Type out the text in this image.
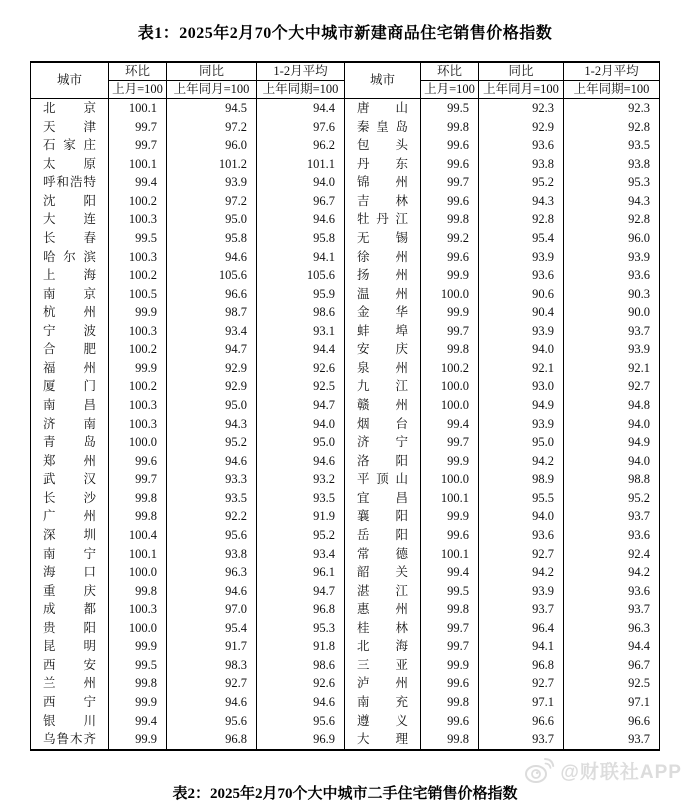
表1：2025年2月70个大中城市新建商品住宅销售价格指数
城市	环比	同比	1-2月平均	城市	环比	同比	1-2月平均
	上月=100	上年同月=100	上年同期=100		上月=100	上年同月=100	上年同期=100

北 京	100.1	94.5	94.4	唐 山	99.5	92.3	92.3

天 津	99.7	97.2	97.6	秦 皇 岛	99.8	92.9	92.8

石 家 庄	99.7	96.0	96.2	包 头	99.6	93.6	93.5

太 原	100.1	101.2	101.1	丹 东	99.6	93.8	93.8

呼 和 浩 特	99.4	93.9	94.0	锦 州	99.7	95.2	95.3

沈 阳	100.2	97.2	96.7	吉 林	99.6	94.3	94.3

大 连	100.3	95.0	94.6	牡 丹 江	99.8	92.8	92.8

长 春	99.5	95.8	95.8	无 锡	99.2	95.4	96.0

哈 尔 滨	100.3	94.6	94.1	徐 州	99.6	93.9	93.9

上 海	100.2	105.6	105.6	扬 州	99.9	93.6	93.6

南 京	100.5	96.6	95.9	温 州	100.0	90.6	90.3

杭 州	99.9	98.7	98.6	金 华	99.9	90.4	90.0

宁 波	100.3	93.4	93.1	蚌 埠	99.7	93.9	93.7

合 肥	100.2	94.7	94.4	安 庆	99.8	94.0	93.9

福 州	99.9	92.9	92.6	泉 州	100.2	92.1	92.1

厦 门	100.2	92.9	92.5	九 江	100.0	93.0	92.7

南 昌	100.3	95.0	94.7	赣 州	100.0	94.9	94.8

济 南	100.3	94.3	94.0	烟 台	99.4	93.9	94.0

青 岛	100.0	95.2	95.0	济 宁	99.7	95.0	94.9

郑 州	99.6	94.6	94.6	洛 阳	99.9	94.2	94.0

武 汉	99.7	93.3	93.2	平 顶 山	100.0	98.9	98.8

长 沙	99.8	93.5	93.5	宜 昌	100.1	95.5	95.2

广 州	99.8	92.2	91.9	襄 阳	99.9	94.0	93.7

深 圳	100.4	95.6	95.2	岳 阳	99.6	93.6	93.6

南 宁	100.1	93.8	93.4	常 德	100.1	92.7	92.4

海 口	100.0	96.3	96.1	韶 关	99.4	94.2	94.2

重 庆	99.8	94.6	94.7	湛 江	99.5	93.9	93.6

成 都	100.3	97.0	96.8	惠 州	99.8	93.7	93.7

贵 阳	100.0	95.4	95.3	桂 林	99.7	96.4	96.3

昆 明	99.9	91.7	91.8	北 海	99.7	94.1	94.4

西 安	99.5	98.3	98.6	三 亚	99.9	96.8	96.7

兰 州	99.8	92.7	92.6	泸 州	99.6	92.7	92.5

西 宁	99.9	94.6	94.6	南 充	99.8	97.1	97.1

银 川	99.4	95.6	95.6	遵 义	99.6	96.6	96.6

乌 鲁 木 齐	99.9	96.8	96.9	大 理	99.8	93.7	93.7
@财联社APP
表2：2025年2月70个大中城市二手住宅销售价格指数
